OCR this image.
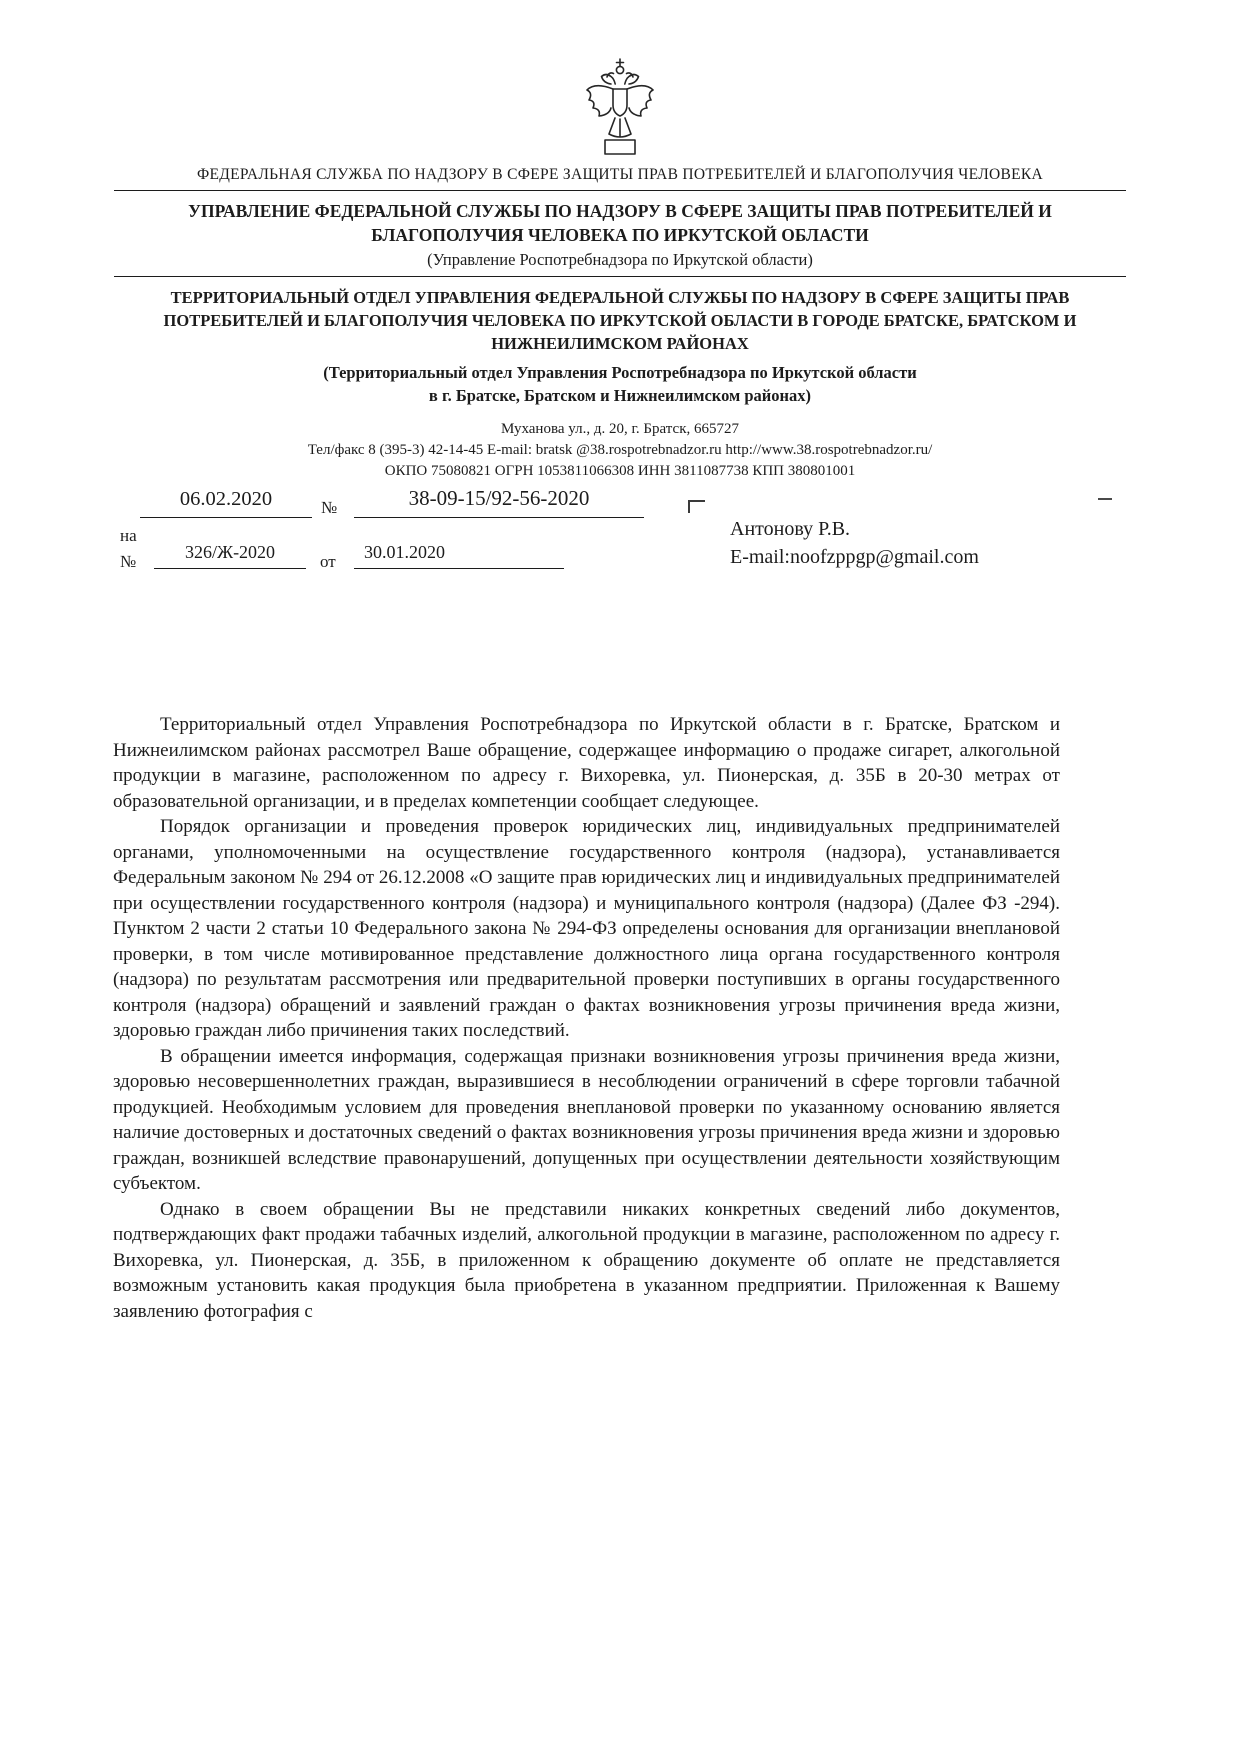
ФЕДЕРАЛЬНАЯ СЛУЖБА ПО НАДЗОРУ В СФЕРЕ ЗАЩИТЫ ПРАВ ПОТРЕБИТЕЛЕЙ И БЛАГОПОЛУЧИЯ ЧЕЛОВЕКА
УПРАВЛЕНИЕ ФЕДЕРАЛЬНОЙ СЛУЖБЫ ПО НАДЗОРУ В СФЕРЕ ЗАЩИТЫ ПРАВ ПОТРЕБИТЕЛЕЙ И БЛАГОПОЛУЧИЯ ЧЕЛОВЕКА ПО ИРКУТСКОЙ ОБЛАСТИ
(Управление Роспотребнадзора по Иркутской области)
ТЕРРИТОРИАЛЬНЫЙ ОТДЕЛ УПРАВЛЕНИЯ ФЕДЕРАЛЬНОЙ СЛУЖБЫ ПО НАДЗОРУ В СФЕРЕ ЗАЩИТЫ ПРАВ ПОТРЕБИТЕЛЕЙ И БЛАГОПОЛУЧИЯ ЧЕЛОВЕКА ПО ИРКУТСКОЙ ОБЛАСТИ В ГОРОДЕ БРАТСКЕ, БРАТСКОМ И НИЖНЕИЛИМСКОМ РАЙОНАХ
(Территориальный отдел Управления Роспотребнадзора по Иркутской области
в г. Братске, Братском и Нижнеилимском районах)
Муханова ул., д. 20, г. Братск, 665727
Тел/факс 8 (395-3) 42-14-45 E-mail: bratsk @38.rospotrebnadzor.ru http://www.38.rospotrebnadzor.ru/
ОКПО 75080821 ОГРН 1053811066308 ИНН 3811087738 КПП 380801001
06.02.2020	№	38-09-15/92-56-2020
на
№	326/Ж-2020	от	30.01.2020
Антонову Р.В.
E-mail:noofzppgp@gmail.com

Территориальный отдел Управления Роспотребнадзора по Иркутской области в г. Братске, Братском и Нижнеилимском районах рассмотрел Ваше обращение, содержащее информацию о продаже сигарет, алкогольной продукции в магазине, расположенном по адресу г. Вихоревка, ул. Пионерская, д. 35Б в 20-30 метрах от образовательной организации, и в пределах компетенции сообщает следующее.

Порядок организации и проведения проверок юридических лиц, индивидуальных предпринимателей органами, уполномоченными на осуществление государственного контроля (надзора), устанавливается Федеральным законом № 294 от 26.12.2008 «О защите прав юридических лиц и индивидуальных предпринимателей при осуществлении государственного контроля (надзора) и муниципального контроля (надзора) (Далее ФЗ -294). Пунктом 2 части 2 статьи 10 Федерального закона № 294-ФЗ определены основания для организации внеплановой проверки, в том числе мотивированное представление должностного лица органа государственного контроля (надзора) по результатам рассмотрения или предварительной проверки поступивших в органы государственного контроля (надзора) обращений и заявлений граждан о фактах возникновения угрозы причинения вреда жизни, здоровью граждан либо причинения таких последствий.

В обращении имеется информация, содержащая признаки возникновения угрозы причинения вреда жизни, здоровью несовершеннолетних граждан, выразившиеся в несоблюдении ограничений в сфере торговли табачной продукцией. Необходимым условием для проведения внеплановой проверки по указанному основанию является наличие достоверных и достаточных сведений о фактах возникновения угрозы причинения вреда жизни и здоровью граждан, возникшей вследствие правонарушений, допущенных при осуществлении деятельности хозяйствующим субъектом.

Однако в своем обращении Вы не представили никаких конкретных сведений либо документов, подтверждающих факт продажи табачных изделий, алкогольной продукции в магазине, расположенном по адресу г. Вихоревка, ул. Пионерская, д. 35Б, в приложенном к обращению документе об оплате не представляется возможным установить какая продукция была приобретена в указанном предприятии. Приложенная к Вашему заявлению фотография с
